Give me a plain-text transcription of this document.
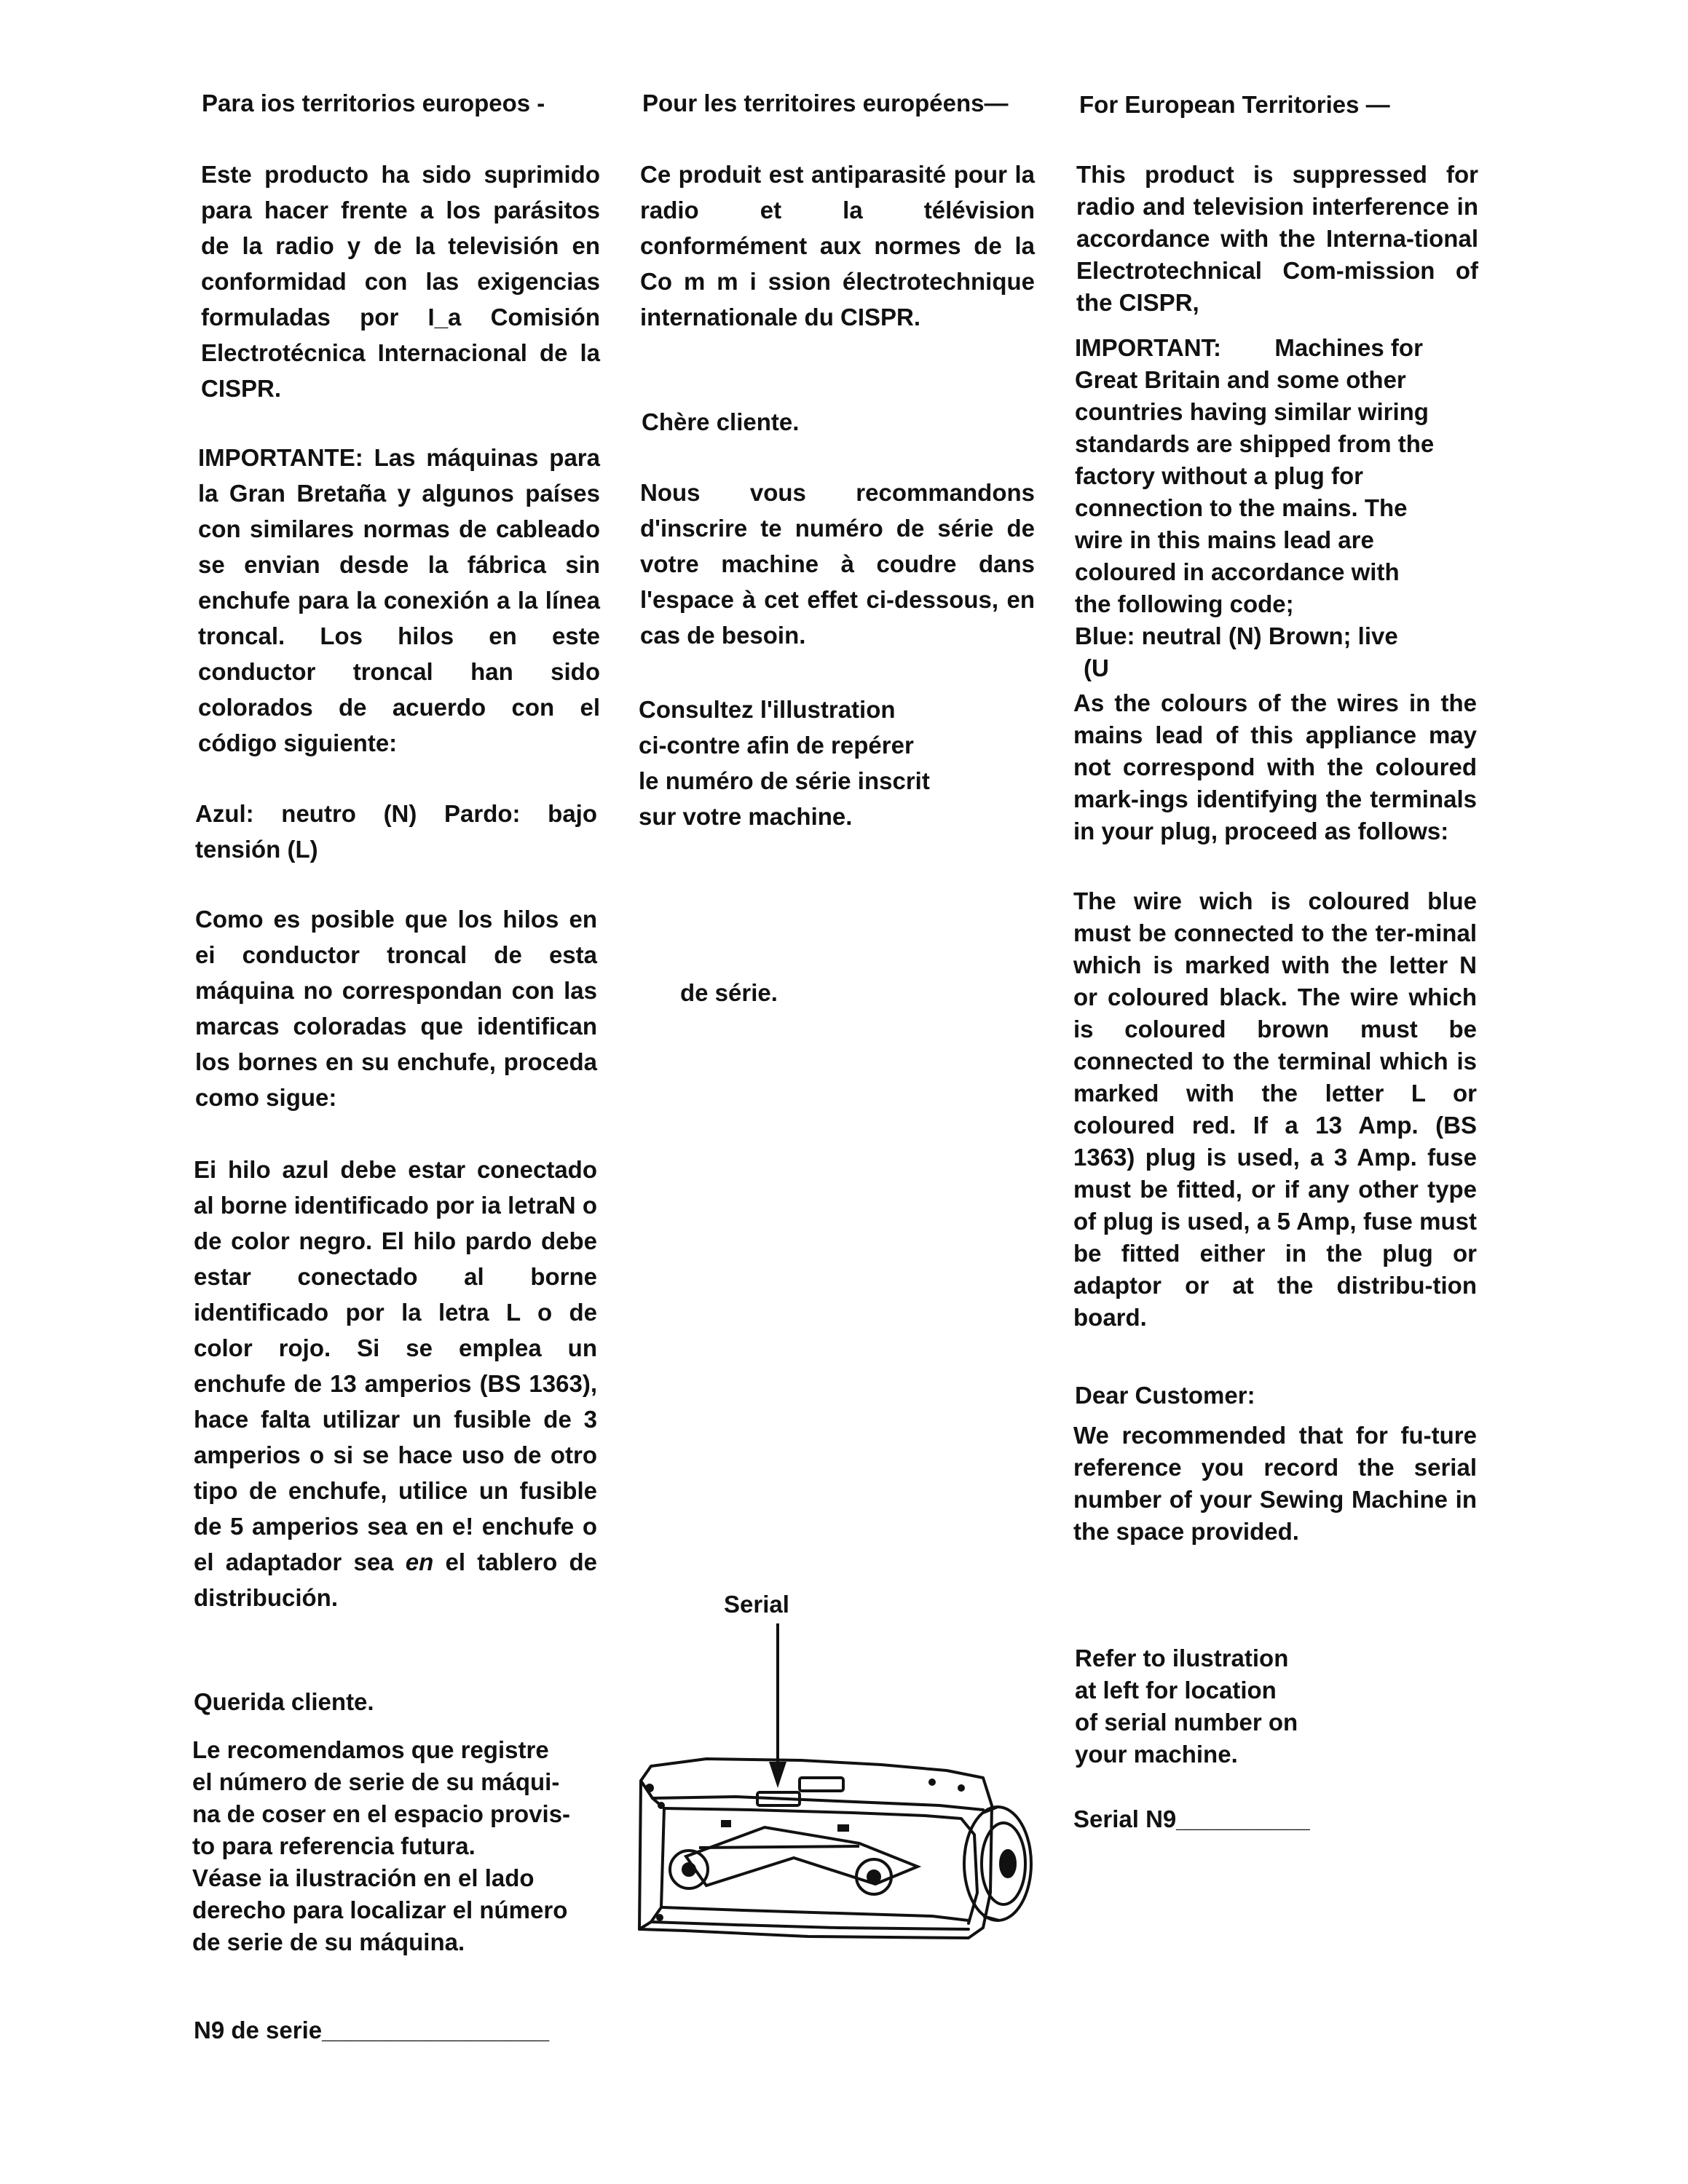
Para ios territorios europeos -

Este producto ha sido suprimido para hacer frente a los parásitos de la radio y de la televisión en conformidad con las exigencias formuladas por I_a Comisión Electrotécnica Internacional de la CISPR.

IMPORTANTE: Las máquinas para la Gran Bretaña y algunos países con similares normas de cableado se envian desde la fábrica sin enchufe para la conexión a la línea troncal. Los hilos en este conductor troncal han sido colorados de acuerdo con el código siguiente:

Azul: neutro (N) Pardo: bajo tensión (L)

Como es posible que los hilos en ei conductor troncal de esta máquina no correspondan con las marcas coloradas que identifican los bornes en su enchufe, proceda como sigue:

Ei hilo azul debe estar conectado al borne identificado por ia letraN o de color negro. El hilo pardo debe estar conectado al borne identificado por la letra L o de color rojo. Si se emplea un enchufe de 13 amperios (BS 1363), hace falta utilizar un fusible de 3 amperios o si se hace uso de otro tipo de enchufe, utilice un fusible de 5 amperios sea en e! enchufe o el adaptador sea en el tablero de distribución.

Querida cliente.

Le recomendamos que registre
el número de serie de su máqui-
na de coser en el espacio provis-
to para referencia futura.
Véase ia ilustración en el lado
derecho para localizar el número
de serie de su máquina.

N9 de serie_________________

Pour les territoires européens—

Ce produit est antiparasité pour la radio et la télévision conformément aux normes de la Co m m i ssion électrotechnique internationale du CISPR.

Chère cliente.

Nous vous recommandons d'inscrire te numéro de série de votre machine à coudre dans l'espace à cet effet ci-dessous, en cas de besoin.

Consultez l'illustration
ci-contre afin de repérer
le numéro de série inscrit
sur votre machine.

de série.

For European Territories —

This product is suppressed for radio and television interference in accordance with the Interna-tional Electrotechnical Com-mission of the CISPR,

IMPORTANT:        Machines for
Great Britain and some other
countries having similar wiring
standards are shipped from the
factory without a plug for
connection to the mains. The
wire in this mains lead are
coloured in accordance with
the following code;
Blue: neutral (N) Brown; live
(U

As the colours of the wires in the mains lead of this appliance may not correspond with the coloured mark-ings identifying the terminals in your plug, proceed as follows:

The wire wich is coloured blue must be connected to the ter-minal which is marked with the letter N or coloured black. The wire which is coloured brown must be connected to the terminal which is marked with the letter L or coloured red. If a 13 Amp. (BS 1363) plug is used, a 3 Amp. fuse must be fitted, or if any other type of plug is used, a 5 Amp, fuse must be fitted either in the plug or adaptor or at the distribu-tion board.

Dear Customer:

We recommended that for fu-ture reference you record the serial number of your Sewing Machine in the space provided.

Refer to ilustration
at left for location
of serial number on
your machine.

Serial N9__________

Serial
